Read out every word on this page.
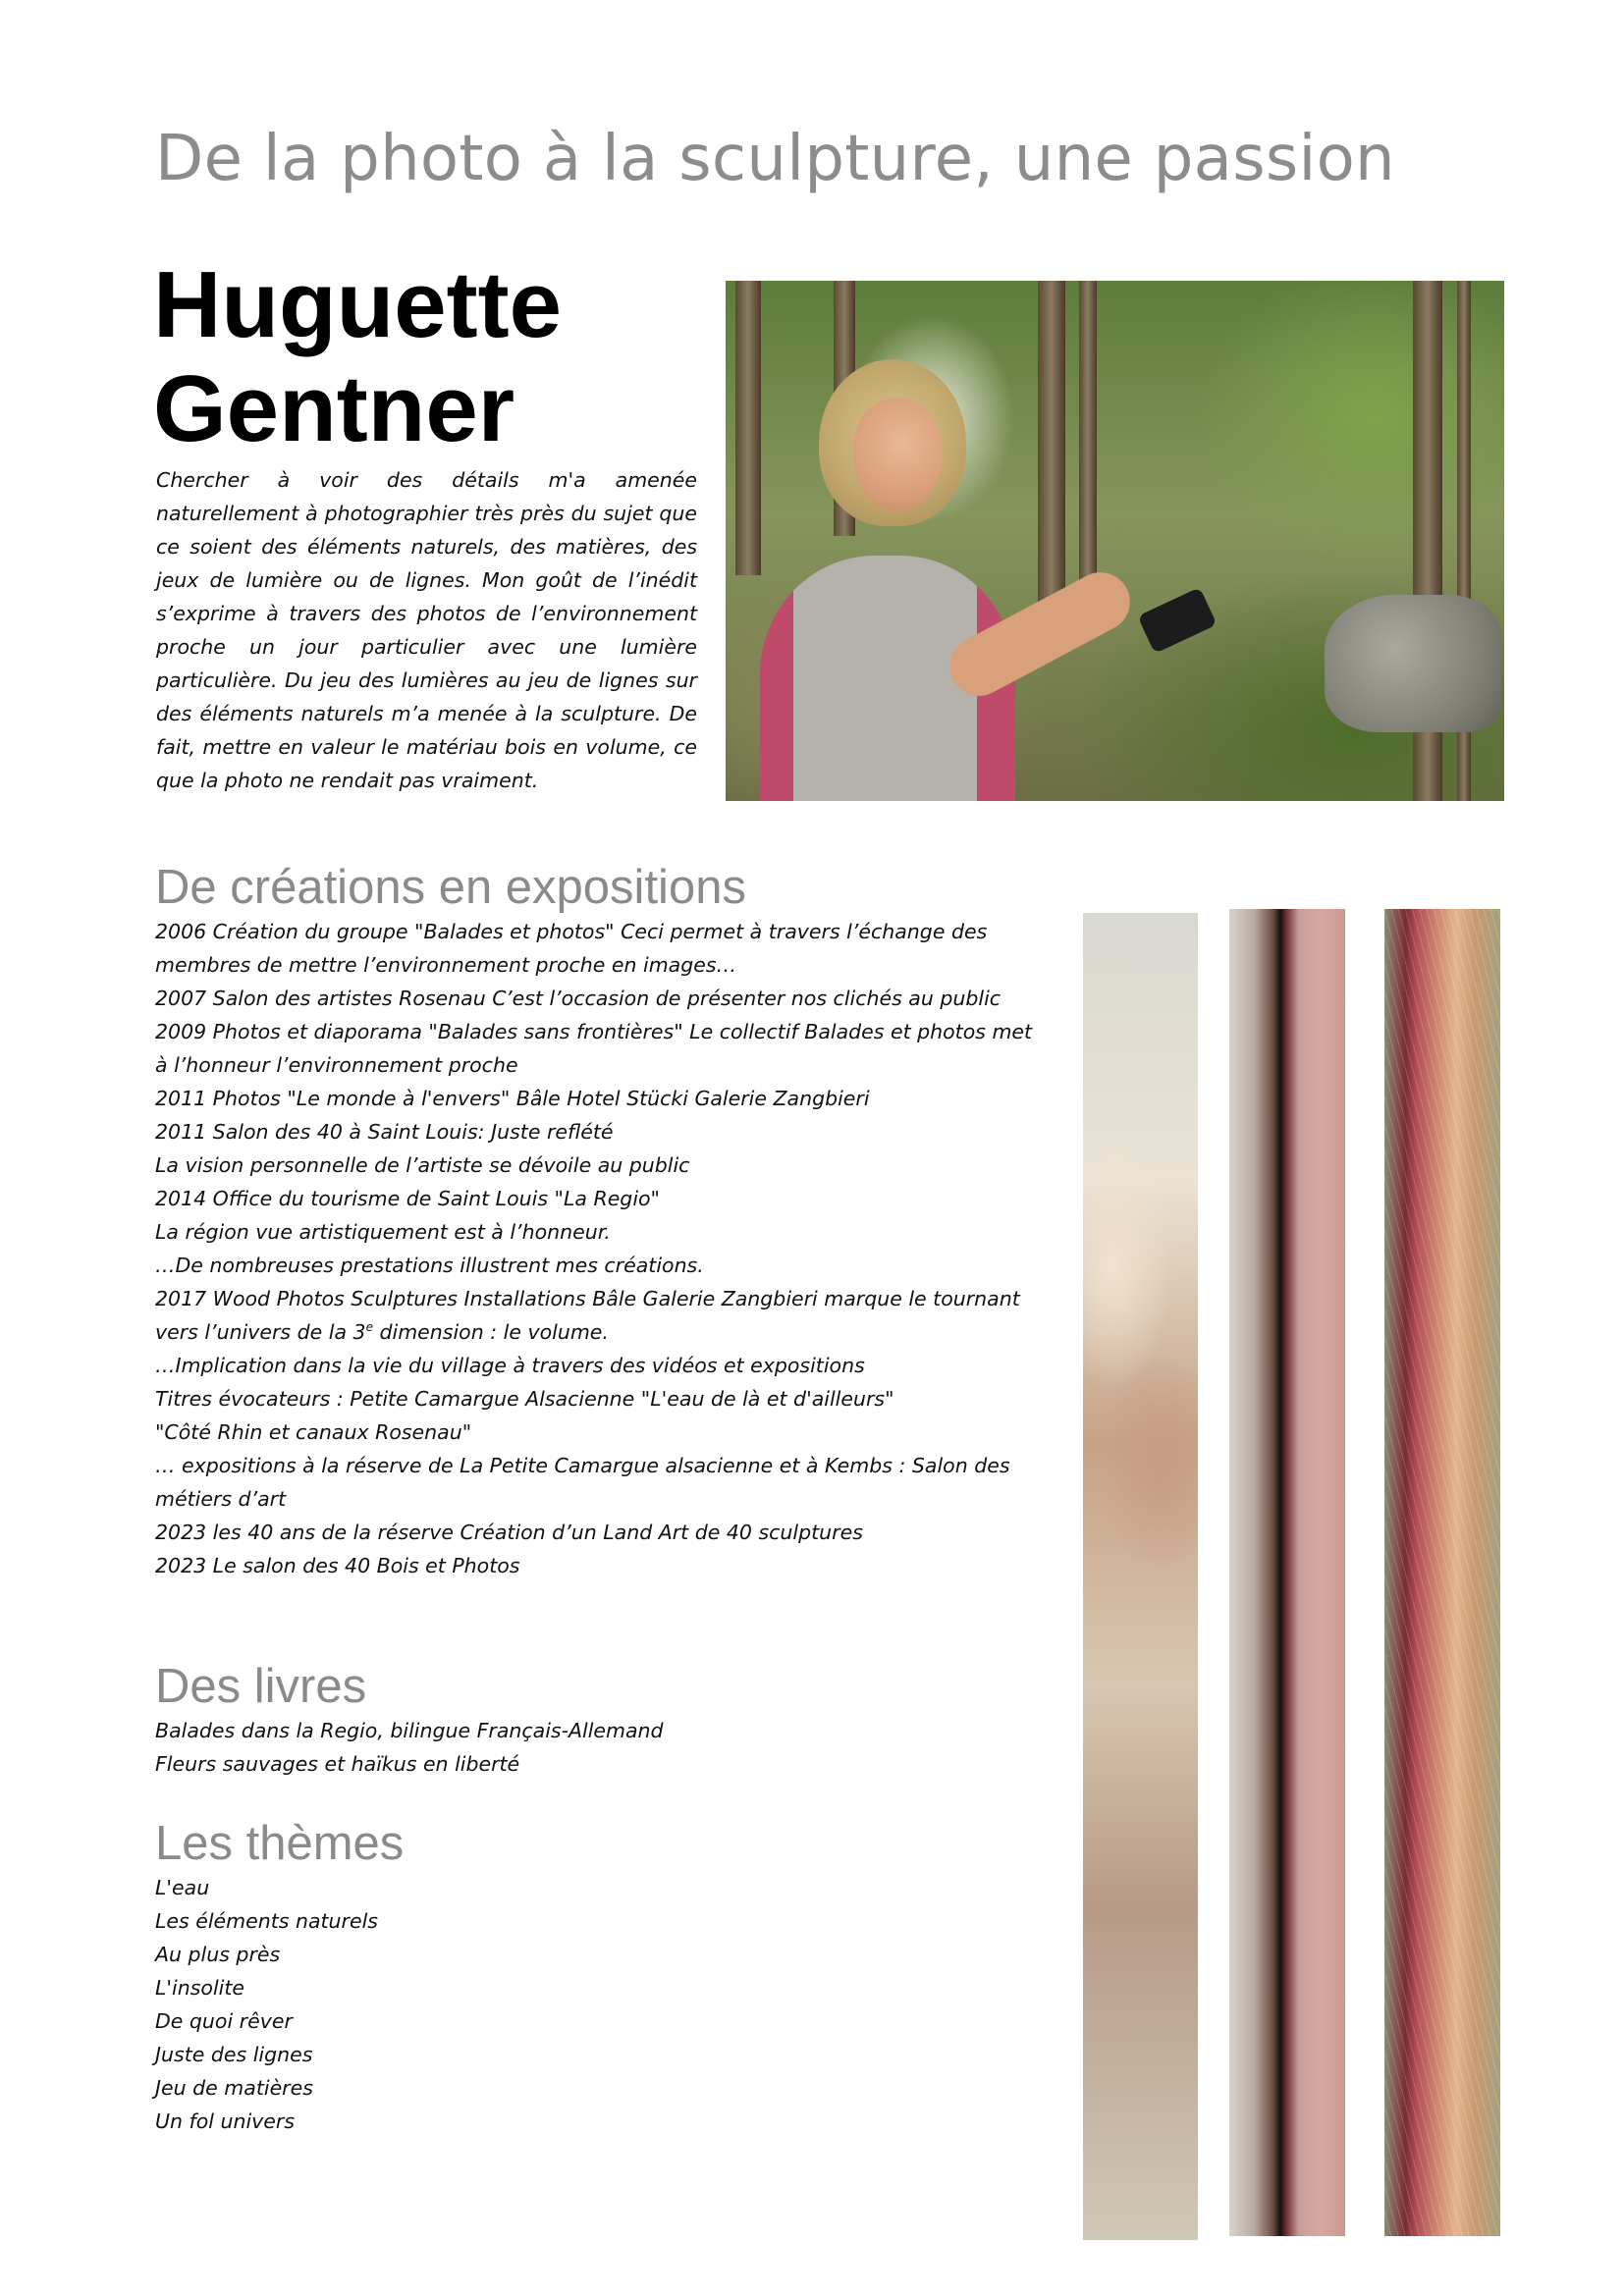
De la photo à la sculpture, une passion
Huguette
Gentner

Chercher à voir des détails m'a amenée naturellement à photographier très près du sujet que ce soient des éléments naturels, des matières, des jeux de lumière ou de lignes. Mon goût de l’inédit s’exprime à travers des photos de l’environnement proche un jour particulier avec une lumière particulière. Du jeu des lumières au jeu de lignes sur des éléments naturels m’a menée à la sculpture. De fait, mettre en valeur le matériau bois en volume, ce que la photo ne rendait pas vraiment.

De créations en expositions
2006 Création du groupe "Balades et photos" Ceci permet à travers l’échange des membres de mettre l’environnement proche en images…
2007 Salon des artistes Rosenau C’est l’occasion de présenter nos clichés au public
2009 Photos et diaporama "Balades sans frontières" Le collectif Balades et photos met à l’honneur l’environnement proche
2011 Photos "Le monde à l'envers" Bâle Hotel Stücki Galerie Zangbieri
2011 Salon des 40 à Saint Louis: Juste reflété
La vision personnelle de l’artiste se dévoile au public
2014 Office du tourisme de Saint Louis "La Regio"
La région vue artistiquement est à l’honneur.
…De nombreuses prestations illustrent mes créations.
2017 Wood Photos Sculptures Installations Bâle Galerie Zangbieri marque le tournant vers l’univers de la 3e dimension : le volume.
…Implication dans la vie du village à travers des vidéos et expositions
Titres évocateurs : Petite Camargue Alsacienne "L'eau de là et d'ailleurs"
"Côté Rhin et canaux Rosenau"
… expositions à la réserve de La Petite Camargue alsacienne et à Kembs : Salon des métiers d’art
2023 les 40 ans de la réserve Création d’un Land Art de 40 sculptures
2023 Le salon des 40 Bois et Photos
Des livres
Balades dans la Regio, bilingue Français-Allemand
Fleurs sauvages et haïkus en liberté
Les thèmes
L'eau
Les éléments naturels
Au plus près
L'insolite
De quoi rêver
Juste des lignes
Jeu de matières
Un fol univers
